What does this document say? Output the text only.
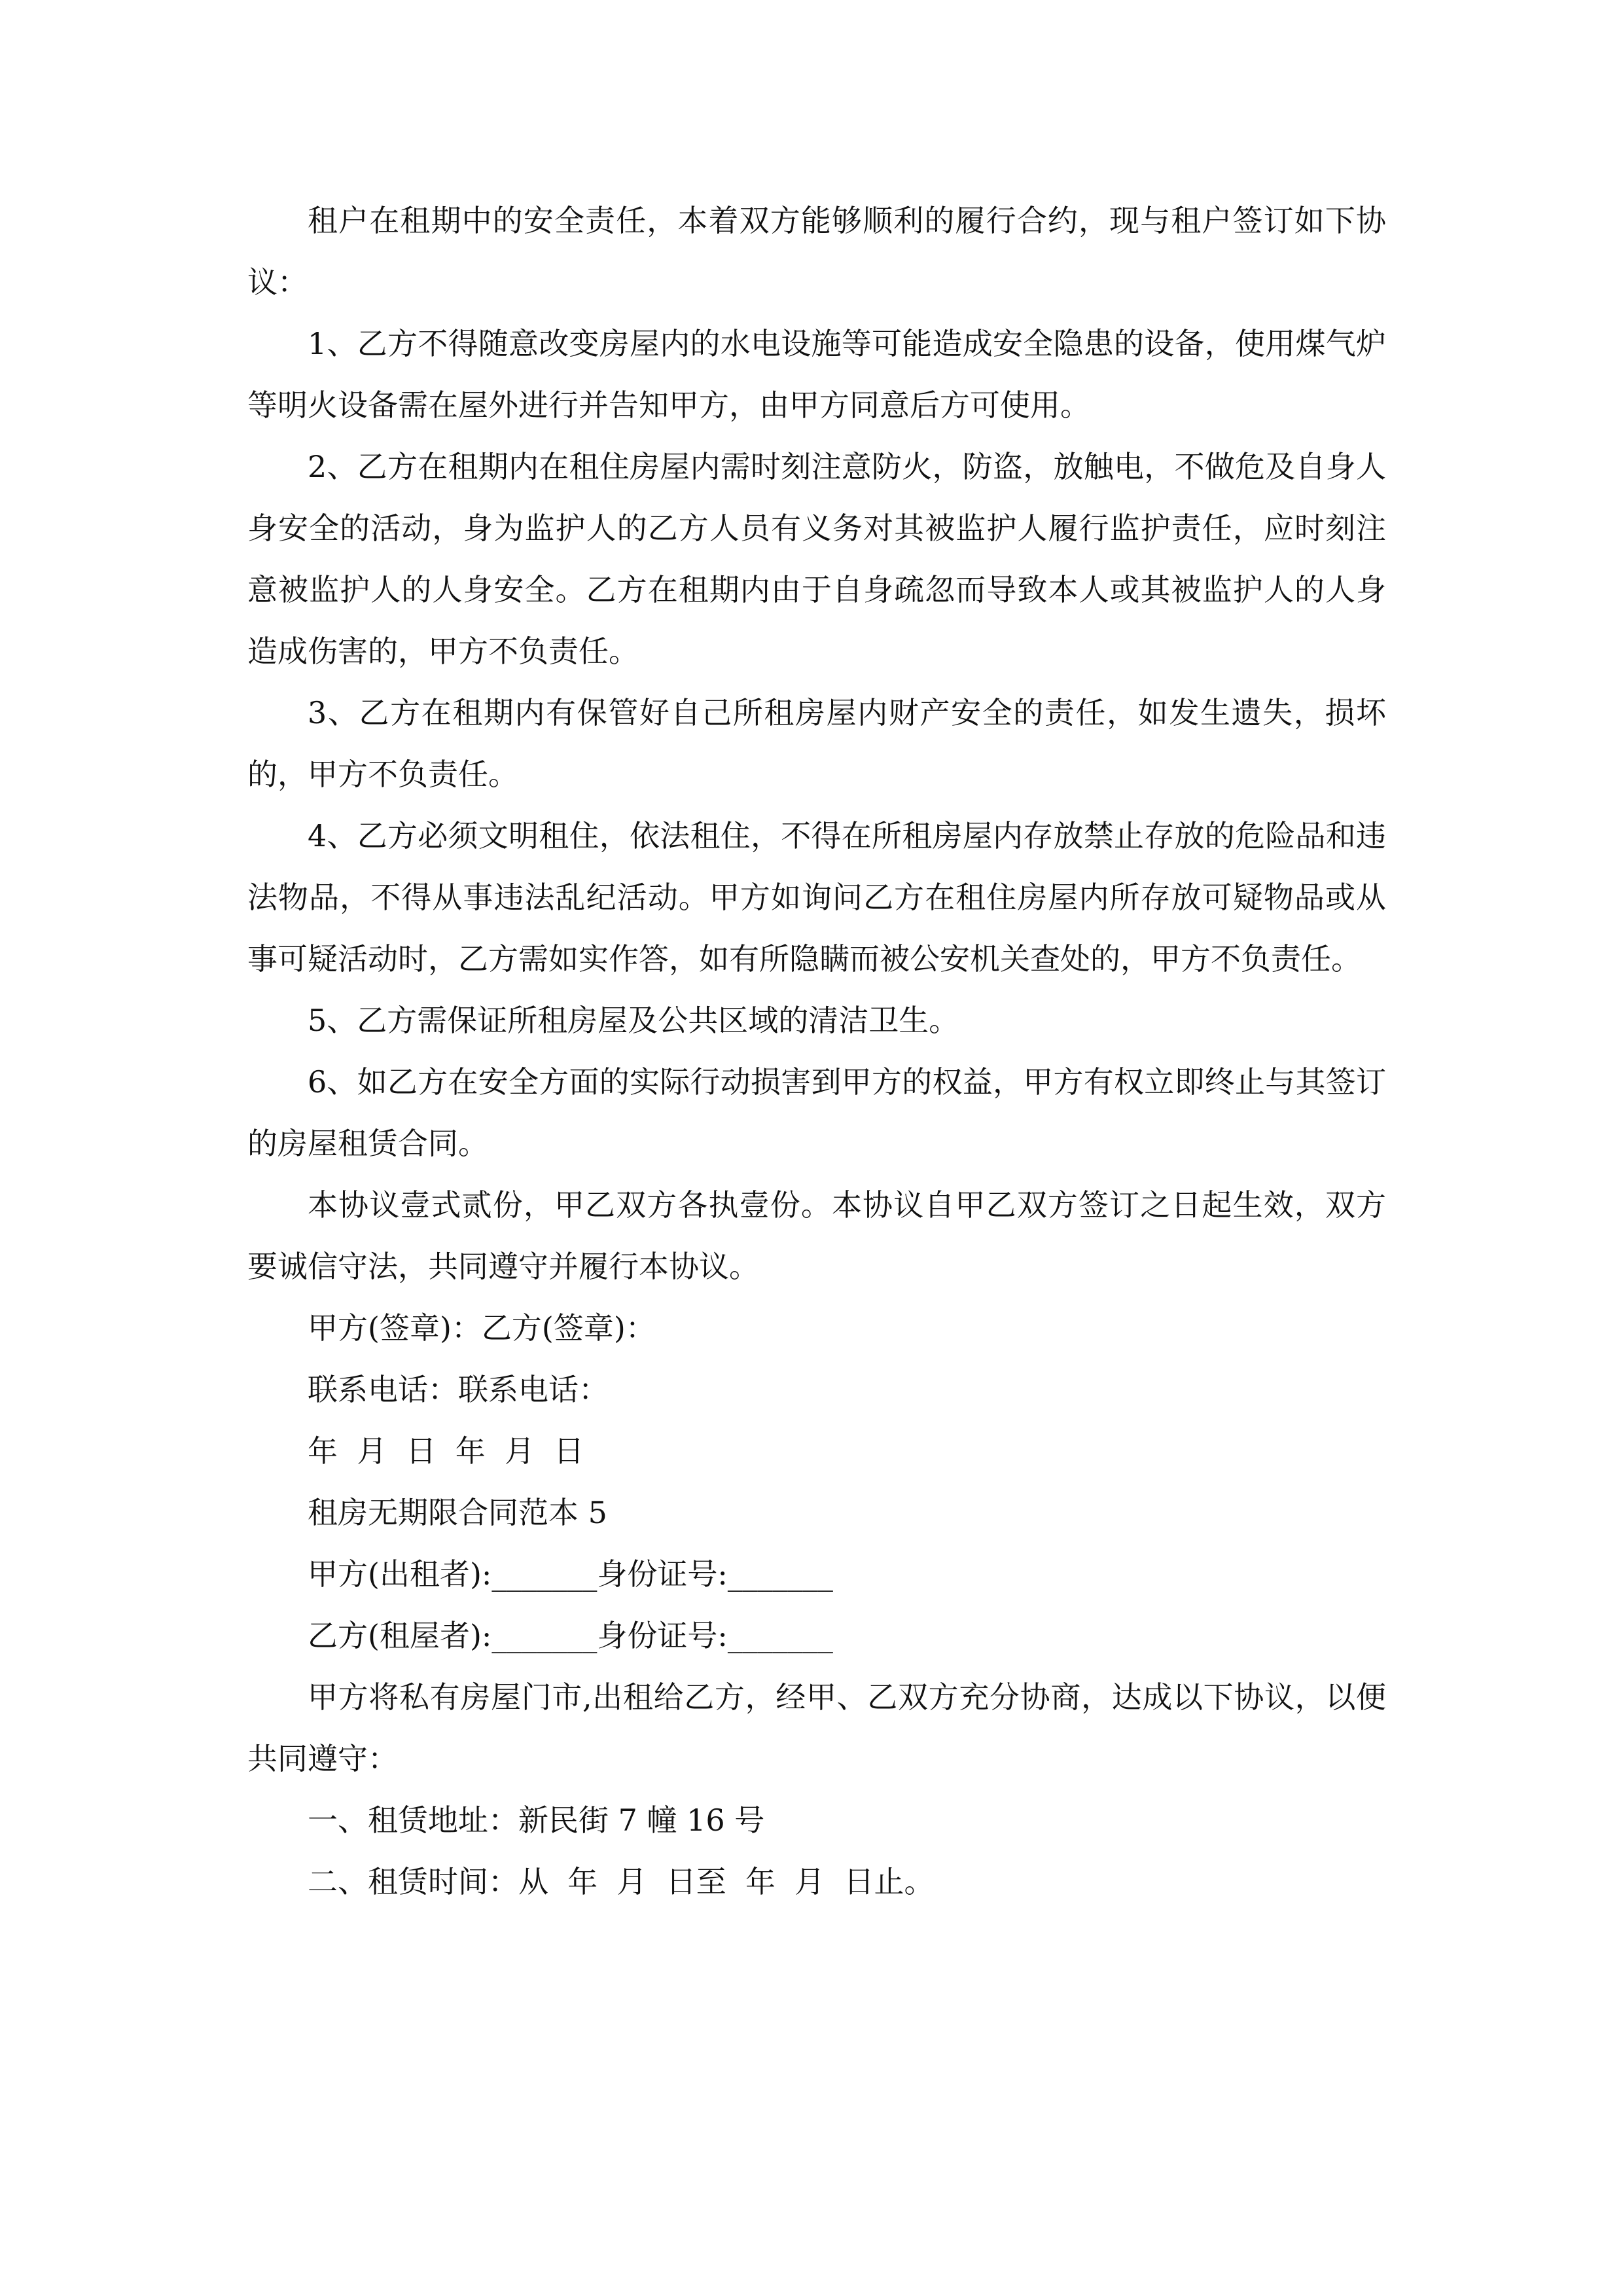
租户在租期中的安全责任，本着双方能够顺利的履行合约，现与租户签订如下协议：

1、乙方不得随意改变房屋内的水电设施等可能造成安全隐患的设备，使用煤气炉等明火设备需在屋外进行并告知甲方，由甲方同意后方可使用。

2、乙方在租期内在租住房屋内需时刻注意防火，防盗，放触电，不做危及自身人身安全的活动，身为监护人的乙方人员有义务对其被监护人履行监护责任，应时刻注意被监护人的人身安全。乙方在租期内由于自身疏忽而导致本人或其被监护人的人身造成伤害的，甲方不负责任。

3、乙方在租期内有保管好自己所租房屋内财产安全的责任，如发生遗失，损坏的，甲方不负责任。

4、乙方必须文明租住，依法租住，不得在所租房屋内存放禁止存放的危险品和违法物品，不得从事违法乱纪活动。甲方如询问乙方在租住房屋内所存放可疑物品或从事可疑活动时，乙方需如实作答，如有所隐瞒而被公安机关查处的，甲方不负责任。

5、乙方需保证所租房屋及公共区域的清洁卫生。

6、如乙方在安全方面的实际行动损害到甲方的权益，甲方有权立即终止与其签订的房屋租赁合同。

本协议壹式贰份，甲乙双方各执壹份。本协议自甲乙双方签订之日起生效，双方要诚信守法，共同遵守并履行本协议。

甲方(签章)：乙方(签章)：

联系电话：联系电话：

年  月  日  年  月  日

租房无期限合同范本 5

甲方(出租者):_______身份证号:_______

乙方(租屋者):_______身份证号:_______

甲方将私有房屋门市,出租给乙方，经甲、乙双方充分协商，达成以下协议，以便共同遵守：

一、租赁地址：新民街 7 幢 16 号

二、租赁时间：从  年  月  日至  年  月  日止。
